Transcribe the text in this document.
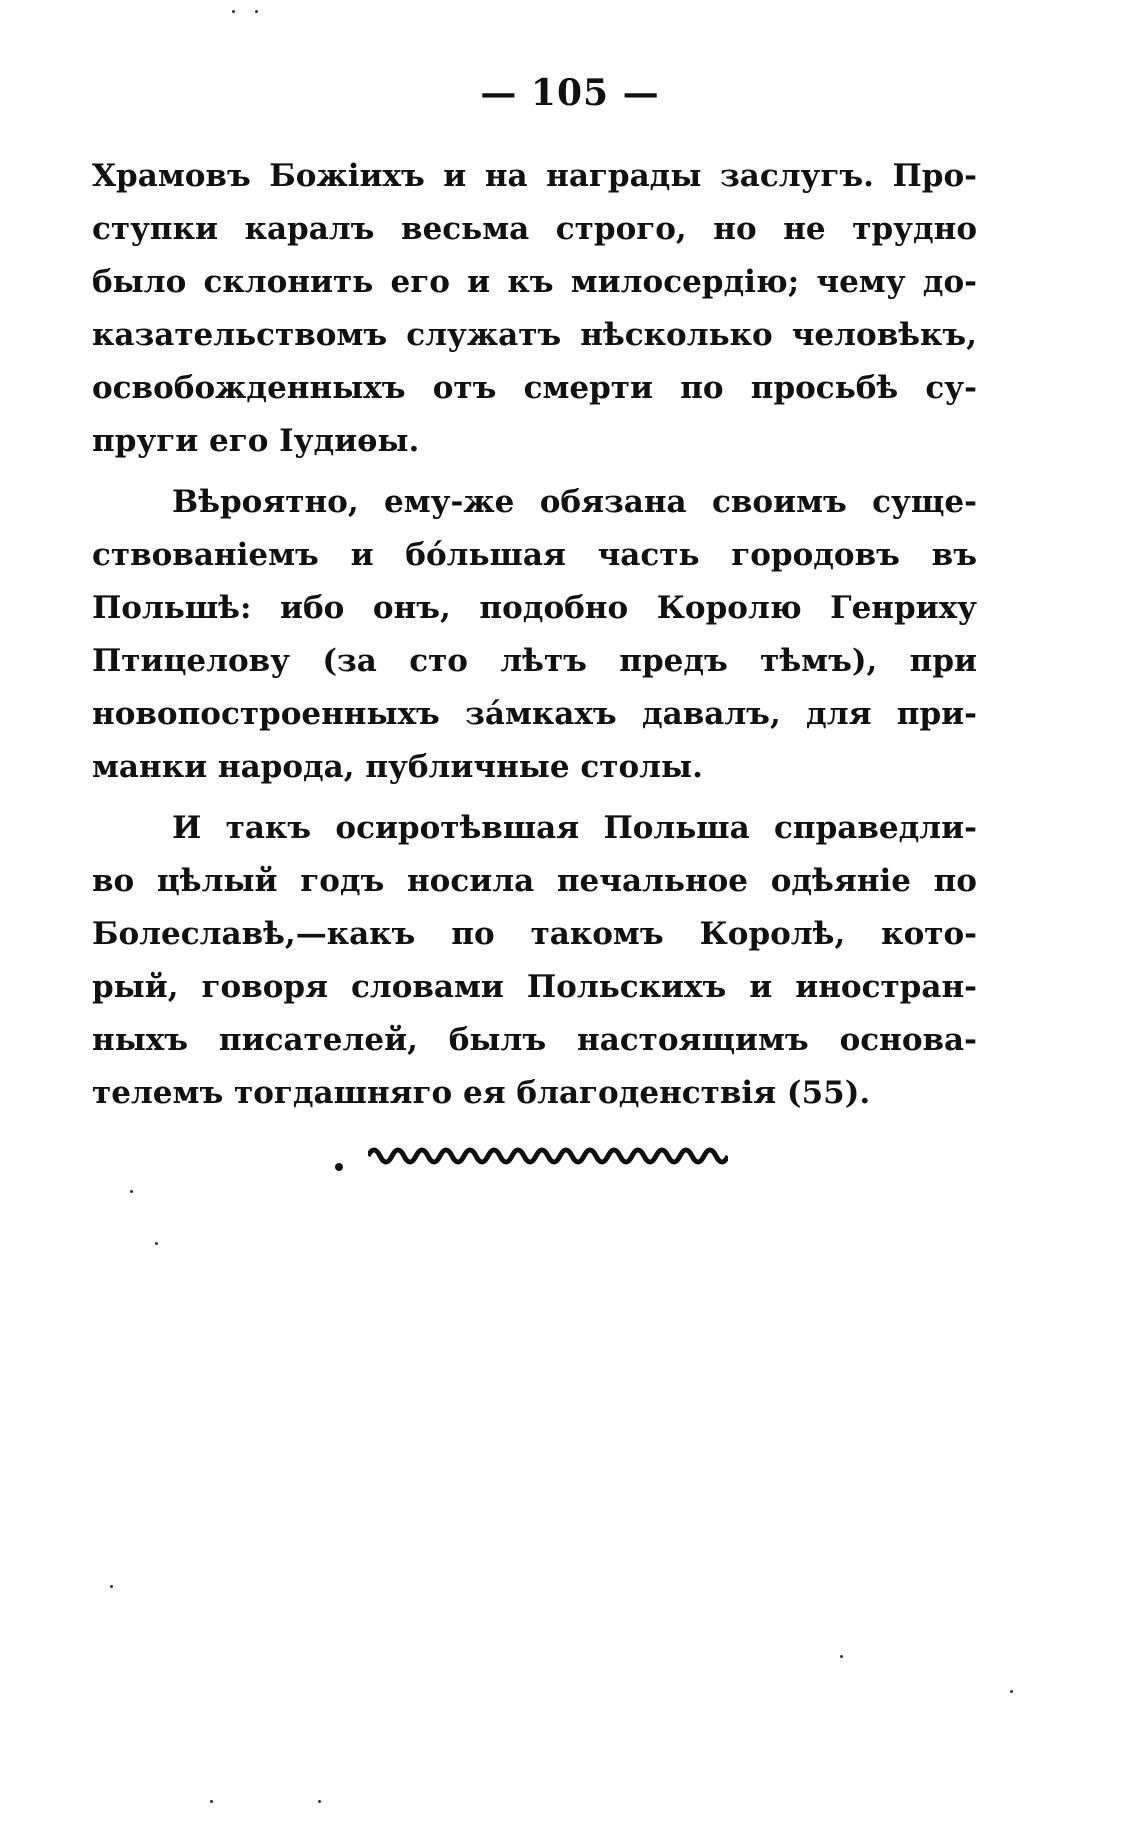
— 105 —
Храмовъ Божіихъ и на награды заслугъ. Про-
ступки каралъ весьма строго, но не трудно
было склонить его и къ милосердію; чему до-
казательствомъ служатъ нѣсколько человѣкъ,
освобожденныхъ отъ смерти по просьбѣ су-
пруги его Іудиѳы.
Вѣроятно, ему-же обязана своимъ суще-
ствованіемъ и бо́льшая часть городовъ въ
Польшѣ: ибо онъ, подобно Королю Генриху
Птицелову (за сто лѣтъ предъ тѣмъ), при
новопостроенныхъ за́мкахъ давалъ, для при-
манки народа, публичные столы.
И такъ осиротѣвшая Польша справедли-
во цѣлый годъ носила печальное одѣяніе по
Болеславѣ,—какъ по такомъ Королѣ, кото-
рый, говоря словами Польскихъ и иностран-
ныхъ писателей, былъ настоящимъ основа-
телемъ тогдашняго ея благоденствія (55).
